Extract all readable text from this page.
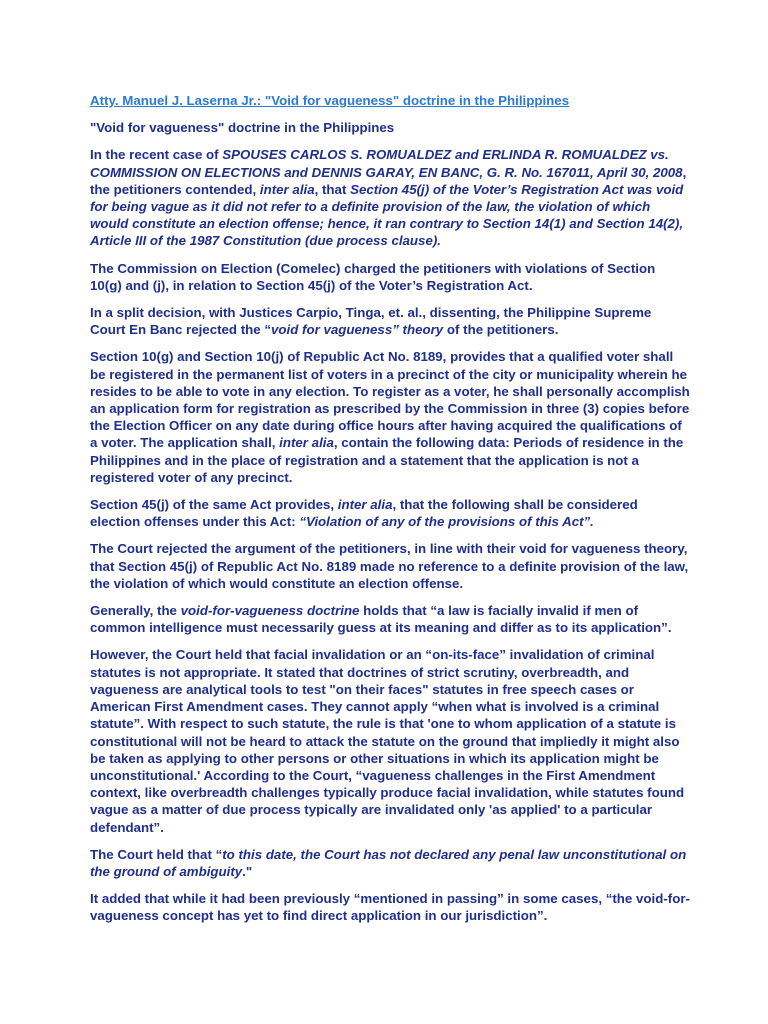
Atty. Manuel J. Laserna Jr.: "Void for vagueness" doctrine in the Philippines

"Void for vagueness" doctrine in the Philippines

In the recent case of SPOUSES CARLOS S. ROMUALDEZ and ERLINDA R. ROMUALDEZ vs. COMMISSION ON ELECTIONS and DENNIS GARAY, EN BANC, G. R. No. 167011, April 30, 2008, the petitioners contended, inter alia, that Section 45(j) of the Voter’s Registration Act was void for being vague as it did not refer to a definite provision of the law, the violation of which would constitute an election offense; hence, it ran contrary to Section 14(1) and Section 14(2), Article III of the 1987 Constitution (due process clause).

The Commission on Election (Comelec) charged the petitioners with violations of Section 10(g) and (j), in relation to Section 45(j) of the Voter’s Registration Act.

In a split decision, with Justices Carpio, Tinga, et. al., dissenting, the Philippine Supreme Court En Banc rejected the “void for vagueness” theory of the petitioners.

Section 10(g) and Section 10(j) of Republic Act No. 8189, provides that a qualified voter shall be registered in the permanent list of voters in a precinct of the city or municipality wherein he resides to be able to vote in any election. To register as a voter, he shall personally accomplish an application form for registration as prescribed by the Commission in three (3) copies before the Election Officer on any date during office hours after having acquired the qualifications of a voter. The application shall, inter alia, contain the following data: Periods of residence in the Philippines and in the place of registration and a statement that the application is not a registered voter of any precinct.

Section 45(j) of the same Act provides, inter alia, that the following shall be considered election offenses under this Act: “Violation of any of the provisions of this Act”.

The Court rejected the argument of the petitioners, in line with their void for vagueness theory, that Section 45(j) of Republic Act No. 8189 made no reference to a definite provision of the law, the violation of which would constitute an election offense.

Generally, the void-for-vagueness doctrine holds that “a law is facially invalid if men of common intelligence must necessarily guess at its meaning and differ as to its application”.

However, the Court held that facial invalidation or an “on-its-face” invalidation of criminal statutes is not appropriate. It stated that doctrines of strict scrutiny, overbreadth, and vagueness are analytical tools to test "on their faces" statutes in free speech cases or American First Amendment cases. They cannot apply “when what is involved is a criminal statute”. With respect to such statute, the rule is that 'one to whom application of a statute is constitutional will not be heard to attack the statute on the ground that impliedly it might also be taken as applying to other persons or other situations in which its application might be unconstitutional.' According to the Court, “vagueness challenges in the First Amendment context, like overbreadth challenges typically produce facial invalidation, while statutes found vague as a matter of due process typically are invalidated only 'as applied' to a particular defendant”.

The Court held that “to this date, the Court has not declared any penal law unconstitutional on the ground of ambiguity."

It added that while it had been previously “mentioned in passing” in some cases, “the void-for-vagueness concept has yet to find direct application in our jurisdiction”.
